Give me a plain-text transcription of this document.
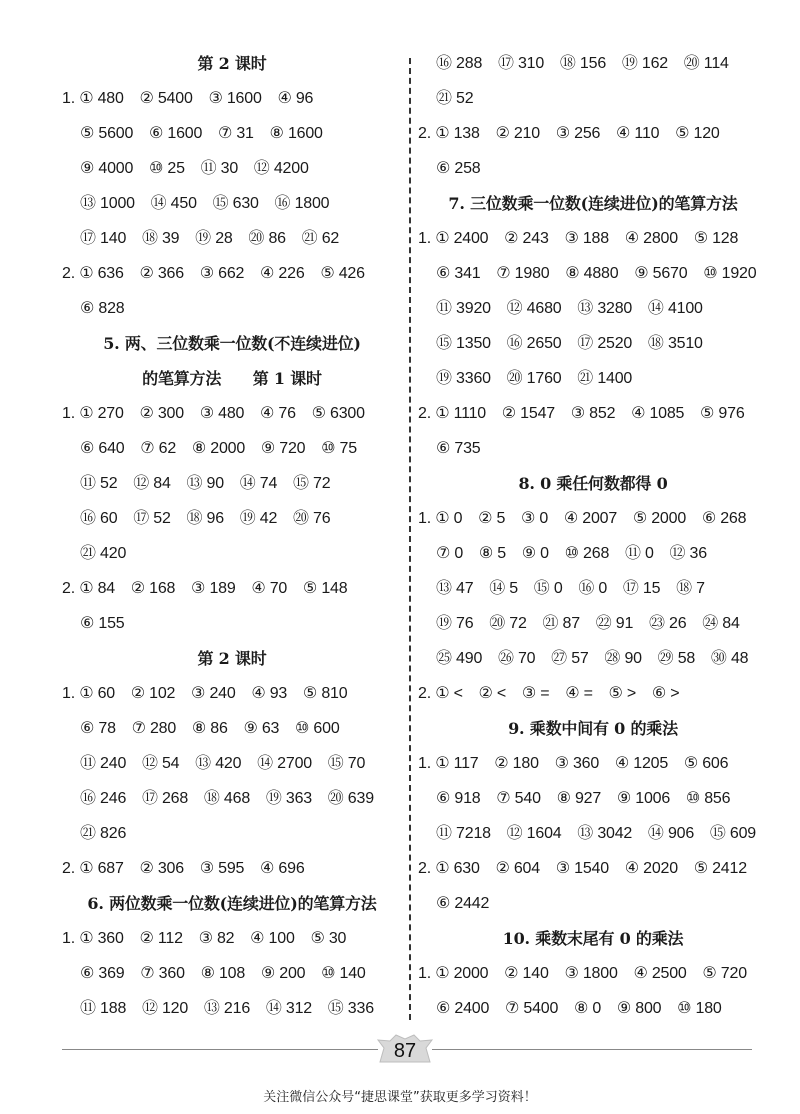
第 2 课时
1. ① 480　② 5400　③ 1600　④ 96
⑤ 5600　⑥ 1600　⑦ 31　⑧ 1600
⑨ 4000　⑩ 25　⑪ 30　⑫ 4200
⑬ 1000　⑭ 450　⑮ 630　⑯ 1800
⑰ 140　⑱ 39　⑲ 28　⑳ 86　㉑ 62
2. ① 636　② 366　③ 662　④ 226　⑤ 426
⑥ 828
5. 两、三位数乘一位数(不连续进位)
的笔算方法　　第 1 课时
1. ① 270　② 300　③ 480　④ 76　⑤ 6300
⑥ 640　⑦ 62　⑧ 2000　⑨ 720　⑩ 75
⑪ 52　⑫ 84　⑬ 90　⑭ 74　⑮ 72
⑯ 60　⑰ 52　⑱ 96　⑲ 42　⑳ 76
㉑ 420
2. ① 84　② 168　③ 189　④ 70　⑤ 148
⑥ 155
第 2 课时
1. ① 60　② 102　③ 240　④ 93　⑤ 810
⑥ 78　⑦ 280　⑧ 86　⑨ 63　⑩ 600
⑪ 240　⑫ 54　⑬ 420　⑭ 2700　⑮ 70
⑯ 246　⑰ 268　⑱ 468　⑲ 363　⑳ 639
㉑ 826
2. ① 687　② 306　③ 595　④ 696
6. 两位数乘一位数(连续进位)的笔算方法
1. ① 360　② 112　③ 82　④ 100　⑤ 30
⑥ 369　⑦ 360　⑧ 108　⑨ 200　⑩ 140
⑪ 188　⑫ 120　⑬ 216　⑭ 312　⑮ 336
⑯ 288　⑰ 310　⑱ 156　⑲ 162　⑳ 114
㉑ 52
2. ① 138　② 210　③ 256　④ 110　⑤ 120
⑥ 258
7. 三位数乘一位数(连续进位)的笔算方法
1. ① 2400　② 243　③ 188　④ 2800　⑤ 128
⑥ 341　⑦ 1980　⑧ 4880　⑨ 5670　⑩ 1920
⑪ 3920　⑫ 4680　⑬ 3280　⑭ 4100
⑮ 1350　⑯ 2650　⑰ 2520　⑱ 3510
⑲ 3360　⑳ 1760　㉑ 1400
2. ① 1110　② 1547　③ 852　④ 1085　⑤ 976
⑥ 735
8. 0 乘任何数都得 0
1. ① 0　② 5　③ 0　④ 2007　⑤ 2000　⑥ 268
⑦ 0　⑧ 5　⑨ 0　⑩ 268　⑪ 0　⑫ 36
⑬ 47　⑭ 5　⑮ 0　⑯ 0　⑰ 15　⑱ 7
⑲ 76　⑳ 72　㉑ 87　㉒ 91　㉓ 26　㉔ 84
㉕ 490　㉖ 70　㉗ 57　㉘ 90　㉙ 58　㉚ 48
2. ① <　② <　③ =　④ =　⑤ >　⑥ >
9. 乘数中间有 0 的乘法
1. ① 117　② 180　③ 360　④ 1205　⑤ 606
⑥ 918　⑦ 540　⑧ 927　⑨ 1006　⑩ 856
⑪ 7218　⑫ 1604　⑬ 3042　⑭ 906　⑮ 609
2. ① 630　② 604　③ 1540　④ 2020　⑤ 2412
⑥ 2442
10. 乘数末尾有 0 的乘法
1. ① 2000　② 140　③ 1800　④ 2500　⑤ 720
⑥ 2400　⑦ 5400　⑧ 0　⑨ 800　⑩ 180
87
关注微信公众号“捷思课堂”获取更多学习资料！
